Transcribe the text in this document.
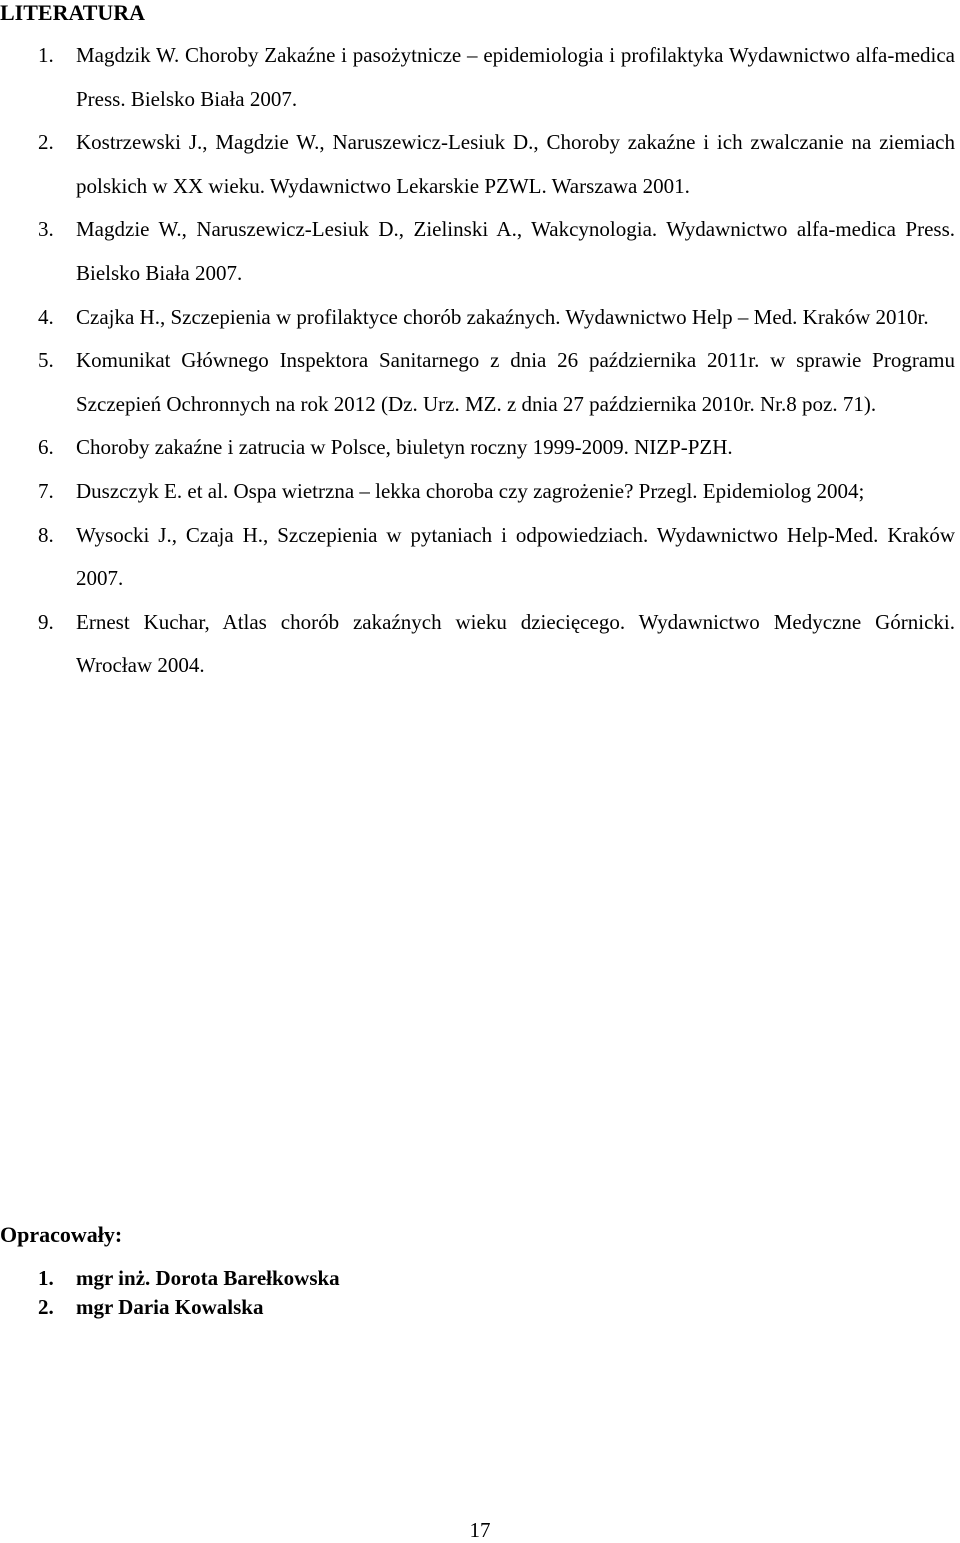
LITERATURA
1. Magdzik W. Choroby Zakaźne i pasożytnicze – epidemiologia i profilaktyka Wydawnictwo alfa-medica Press. Bielsko Biała 2007.
2. Kostrzewski J., Magdzie W., Naruszewicz-Lesiuk D., Choroby zakaźne i ich zwalczanie na ziemiach polskich w XX wieku. Wydawnictwo Lekarskie PZWL. Warszawa 2001.
3. Magdzie W., Naruszewicz-Lesiuk D., Zielinski A., Wakcynologia. Wydawnictwo alfa-medica Press. Bielsko Biała 2007.
4. Czajka H., Szczepienia w profilaktyce chorób zakaźnych. Wydawnictwo Help – Med. Kraków 2010r.
5. Komunikat Głównego Inspektora Sanitarnego z dnia 26 października 2011r. w sprawie Programu Szczepień Ochronnych na rok 2012 (Dz. Urz. MZ. z dnia 27 października 2010r. Nr.8 poz. 71).
6. Choroby zakaźne i zatrucia w Polsce, biuletyn roczny 1999-2009. NIZP-PZH.
7. Duszczyk E. et al. Ospa wietrzna – lekka choroba czy zagrożenie? Przegl. Epidemiolog 2004;
8. Wysocki J., Czaja H., Szczepienia w pytaniach i odpowiedziach. Wydawnictwo Help-Med. Kraków 2007.
9. Ernest Kuchar, Atlas chorób zakaźnych wieku dziecięcego. Wydawnictwo Medyczne Górnicki. Wrocław 2004.
Opracowały:
1. mgr inż. Dorota Barełkowska
2. mgr Daria Kowalska
17
